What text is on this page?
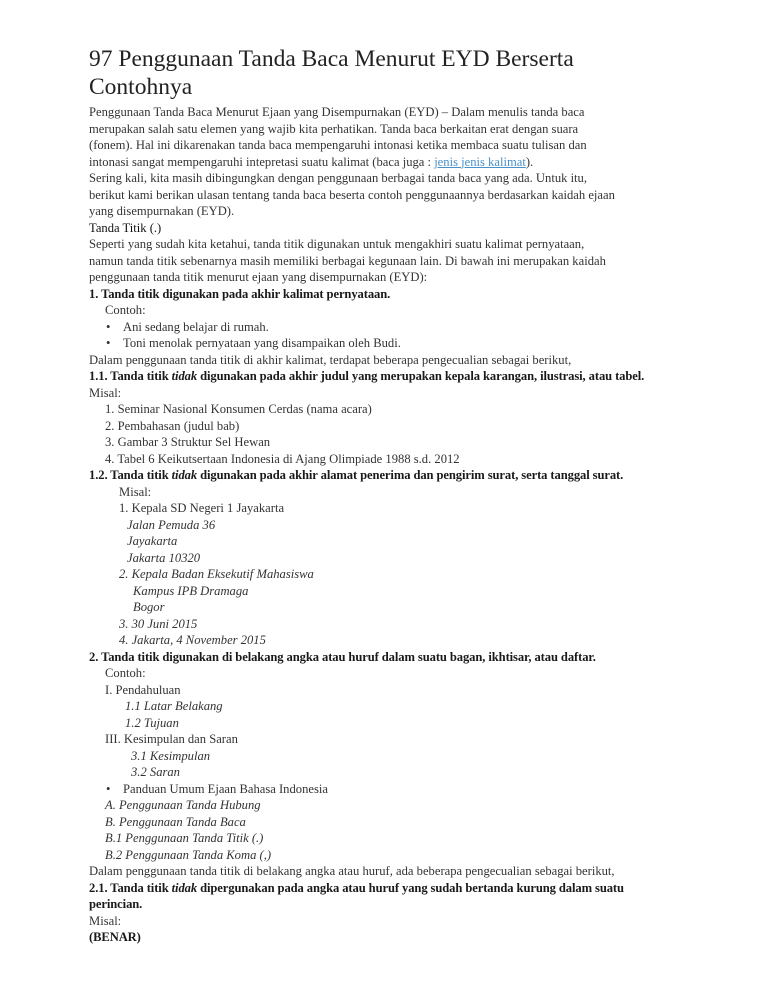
97 Penggunaan Tanda Baca Menurut EYD Berserta
Contohnya
Penggunaan Tanda Baca Menurut Ejaan yang Disempurnakan (EYD) – Dalam menulis tanda baca
merupakan salah satu elemen yang wajib kita perhatikan. Tanda baca berkaitan erat dengan suara
(fonem). Hal ini dikarenakan tanda baca mempengaruhi intonasi ketika membaca suatu tulisan dan
intonasi sangat mempengaruhi intepretasi suatu kalimat (baca juga : jenis jenis kalimat).
Sering kali, kita masih dibingungkan dengan penggunaan berbagai tanda baca yang ada. Untuk itu,
berikut kami berikan ulasan tentang tanda baca beserta contoh penggunaannya berdasarkan kaidah ejaan
yang disempurnakan (EYD).
Tanda Titik (.)
Seperti yang sudah kita ketahui, tanda titik digunakan untuk mengakhiri suatu kalimat pernyataan,
namun tanda titik sebenarnya masih memiliki berbagai kegunaan lain. Di bawah ini merupakan kaidah
penggunaan tanda titik menurut ejaan yang disempurnakan (EYD):
1. Tanda titik digunakan pada akhir kalimat pernyataan.
Contoh:
• Ani sedang belajar di rumah.
• Toni menolak pernyataan yang disampaikan oleh Budi.
Dalam penggunaan tanda titik di akhir kalimat, terdapat beberapa pengecualian sebagai berikut,
1.1. Tanda titik tidak digunakan pada akhir judul yang merupakan kepala karangan, ilustrasi, atau tabel.
Misal:
1. Seminar Nasional Konsumen Cerdas (nama acara)
2. Pembahasan (judul bab)
3. Gambar 3 Struktur Sel Hewan
4. Tabel 6 Keikutsertaan Indonesia di Ajang Olimpiade 1988 s.d. 2012
1.2. Tanda titik tidak digunakan pada akhir alamat penerima dan pengirim surat, serta tanggal surat.
Misal:
1. Kepala SD Negeri 1 Jayakarta
Jalan Pemuda 36
Jayakarta
Jakarta 10320
2. Kepala Badan Eksekutif Mahasiswa
Kampus IPB Dramaga
Bogor
3. 30 Juni 2015
4. Jakarta, 4 November 2015
2. Tanda titik digunakan di belakang angka atau huruf dalam suatu bagan, ikhtisar, atau daftar.
Contoh:
I. Pendahuluan
1.1 Latar Belakang
1.2 Tujuan
III. Kesimpulan dan Saran
3.1 Kesimpulan
3.2 Saran
• Panduan Umum Ejaan Bahasa Indonesia
A. Penggunaan Tanda Hubung
B. Penggunaan Tanda Baca
B.1 Penggunaan Tanda Titik (.)
B.2 Penggunaan Tanda Koma (,)
Dalam penggunaan tanda titik di belakang angka atau huruf, ada beberapa pengecualian sebagai berikut,
2.1. Tanda titik tidak dipergunakan pada angka atau huruf yang sudah bertanda kurung dalam suatu
perincian.
Misal:
(BENAR)
